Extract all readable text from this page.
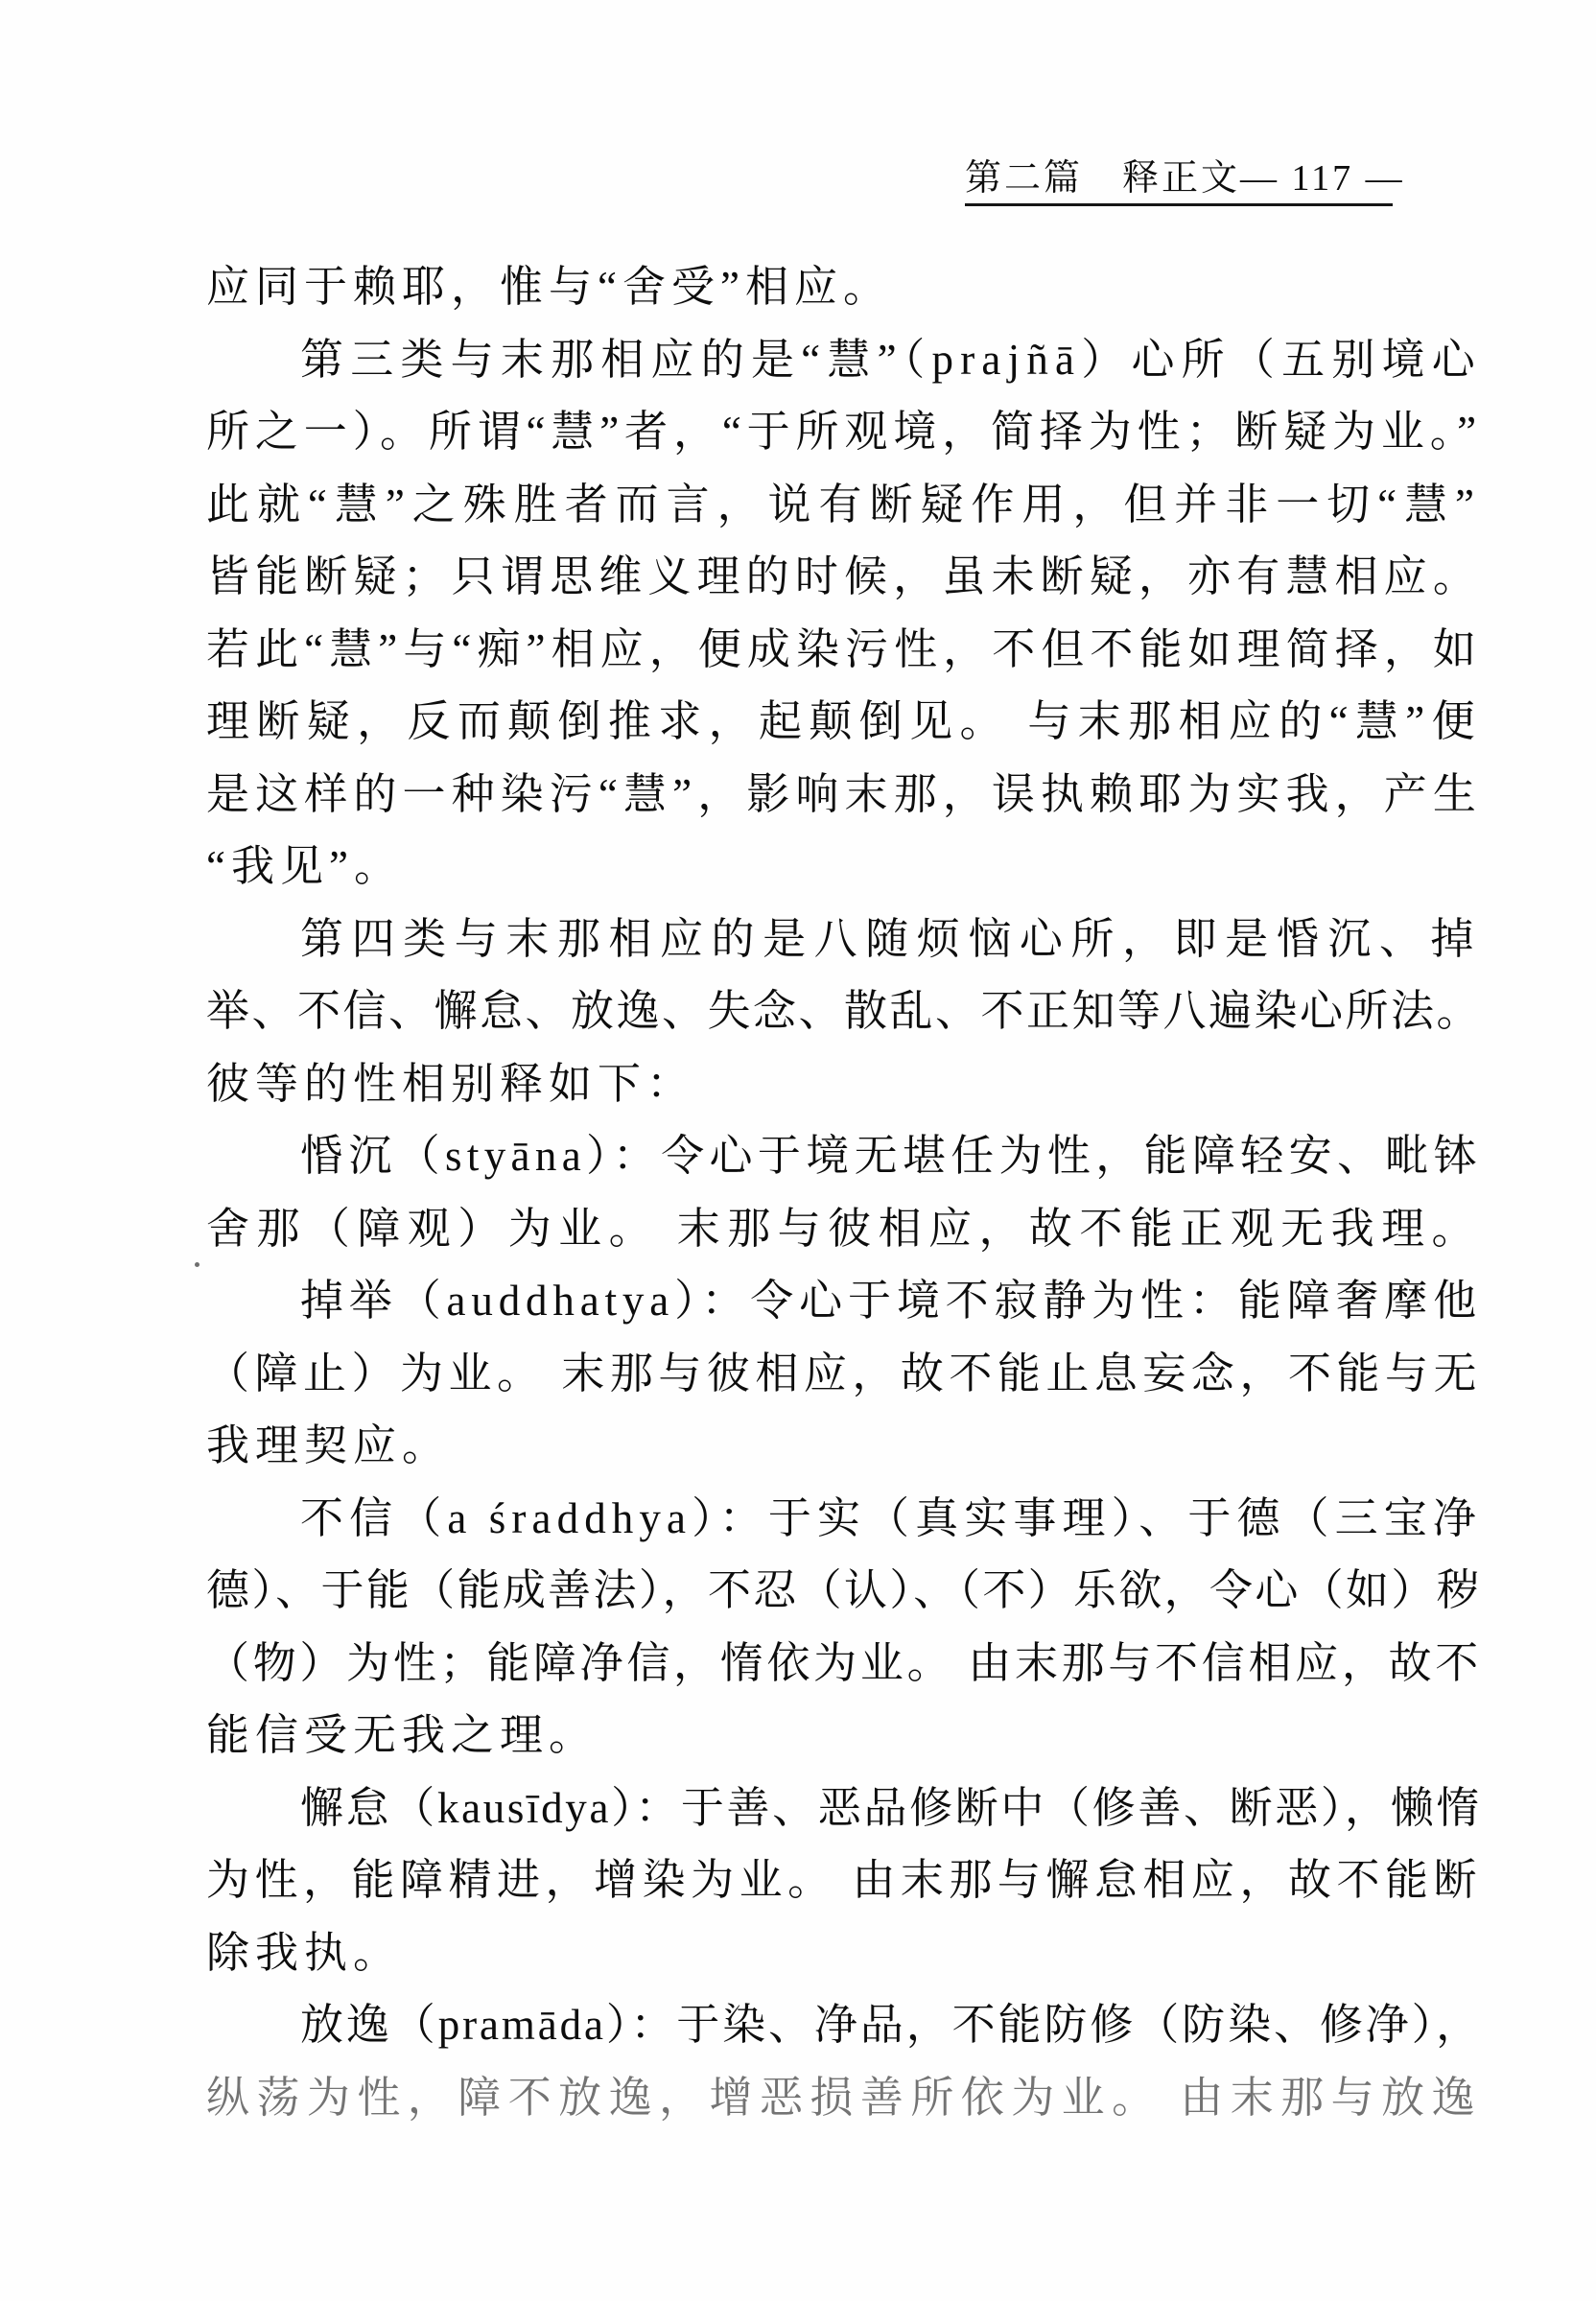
第二篇　释正文 — 117 —
应同于赖耶，惟与“舍受”相应。
第三类与末那相应的是“慧”（prajñā）心所（五别境心
所之一）。所谓“慧”者，“于所观境，简择为性；断疑为业。”
此就“慧”之殊胜者而言，说有断疑作用，但并非一切“慧”
皆能断疑；只谓思维义理的时候，虽未断疑，亦有慧相应。
若此“慧”与“痴”相应，便成染污性，不但不能如理简择，如
理断疑，反而颠倒推求，起颠倒见。 与末那相应的“慧”便
是这样的一种染污“慧”，影响末那，误执赖耶为实我，产生
“我见”。
第四类与末那相应的是八随烦恼心所，即是惛沉、掉
举、不信、懈怠、放逸、失念、散乱、不正知等八遍染心所法。
彼等的性相别释如下：
惛沉（styāna）：令心于境无堪任为性，能障轻安、毗钵
舍那（障观）为业。 末那与彼相应，故不能正观无我理。
掉举（auddhatya）：令心于境不寂静为性：能障奢摩他
（障止）为业。 末那与彼相应，故不能止息妄念，不能与无
我理契应。
不信（a śraddhya）：于实（真实事理）、于德（三宝净
德）、于能（能成善法），不忍（认）、（不）乐欲，令心（如）秽
（物）为性；能障净信，惰依为业。 由末那与不信相应，故不
能信受无我之理。
懈怠（kausīdya）：于善、恶品修断中（修善、断恶），懒惰
为性，能障精进，增染为业。 由末那与懈怠相应，故不能断
除我执。
放逸（pramāda）：于染、净品，不能防修（防染、修净），
纵荡为性，障不放逸，增恶损善所依为业。 由末那与放逸
